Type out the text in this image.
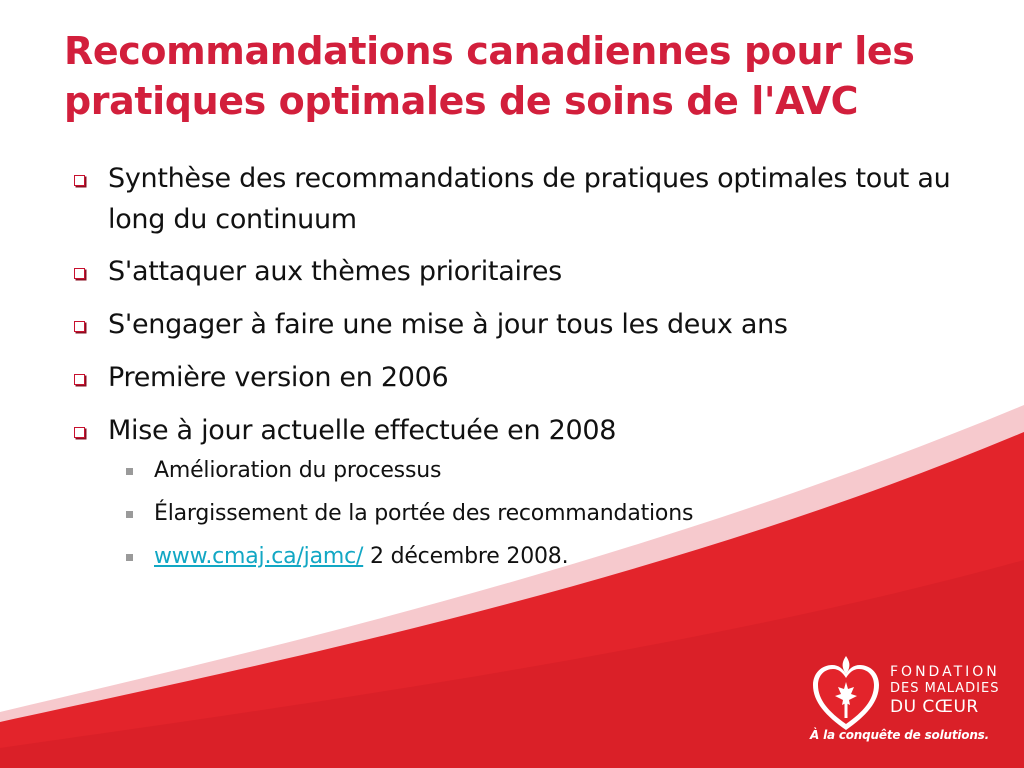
Recommandations canadiennes pour les pratiques optimales de soins de l'AVC
Synthèse des recommandations de pratiques optimales tout au long du continuum
S'attaquer aux thèmes prioritaires
S'engager à faire une mise à jour tous les deux ans
Première version en 2006
Mise à jour actuelle effectuée en 2008
Amélioration du processus
Élargissement de la portée des recommandations
www.cmaj.ca/jamc/ 2 décembre 2008.

FONDATION
DES MALADIES
DU CŒUR

À la conquête de solutions.
